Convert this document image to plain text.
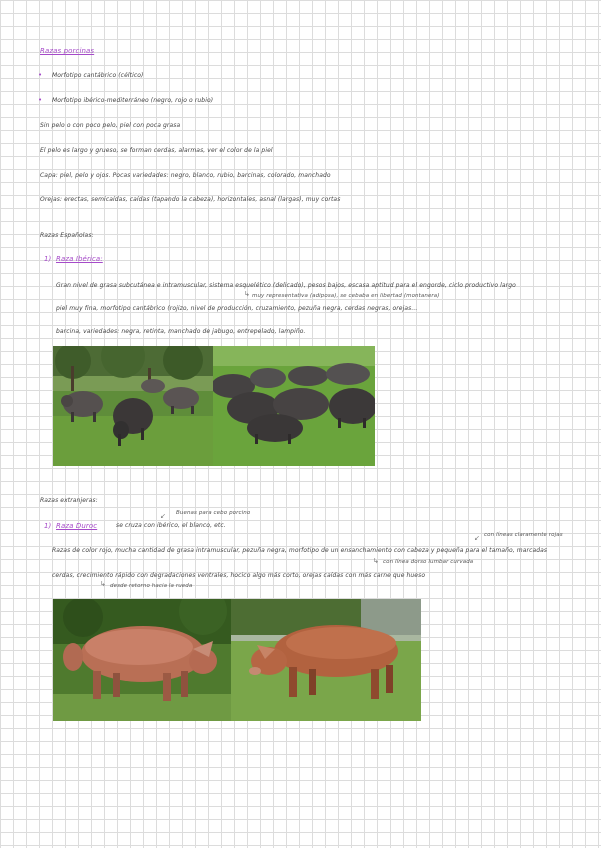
Razas porcinas
• Morfotipo cantábrico (céltico)
• Morfotipo ibérico-mediterráneo (negro, rojo o rubio)
Sin pelo o con poco pelo, piel con poca grasa
El pelo es largo y grueso, se forman cerdas, alarmas, ver el color de la piel
Capa: piel, pelo y ojos. Pocas variedades: negro, blanco, rubio, barcinas, colorado, manchado
Orejas: erectas, semicaídas, caídas (tapando la cabeza), horizontales, asnal (largas), muy cortas
Razas Españolas:
1) Raza Ibérica:
Gran nivel de grasa subcutánea e intramuscular, sistema esquelético (delicado), pesos bajos, escasa aptitud para el engorde, ciclo productivo largo
↳ muy representativa (adiposa), se cebaba en libertad (montanera)
piel muy fina, morfotipo cantábrico (rojizo, nivel de producción, cruzamiento, pezuña negra, cerdas negras, orejas...
barcina, variedades: negra, retinta, manchado de jabugo, entrepelado, lampiño.
Razas extranjeras:
↙ Buenas para cebo porcino
1) Raza Duroc	se cruza con ibérico, el blanco, etc.
↙ con líneas claramente rojas
Razas de color rojo, mucha cantidad de grasa intramuscular, pezuña negra, morfotipo de un ensanchamiento con cabeza y pequeña para el tamaño, marcadas
↳ con línea dorso lumbar curvada
cerdas, crecimiento rápido con degradaciones ventrales, hocico algo más corto, orejas caídas con más carne que hueso
↳ desde retorno hacia la rueda
